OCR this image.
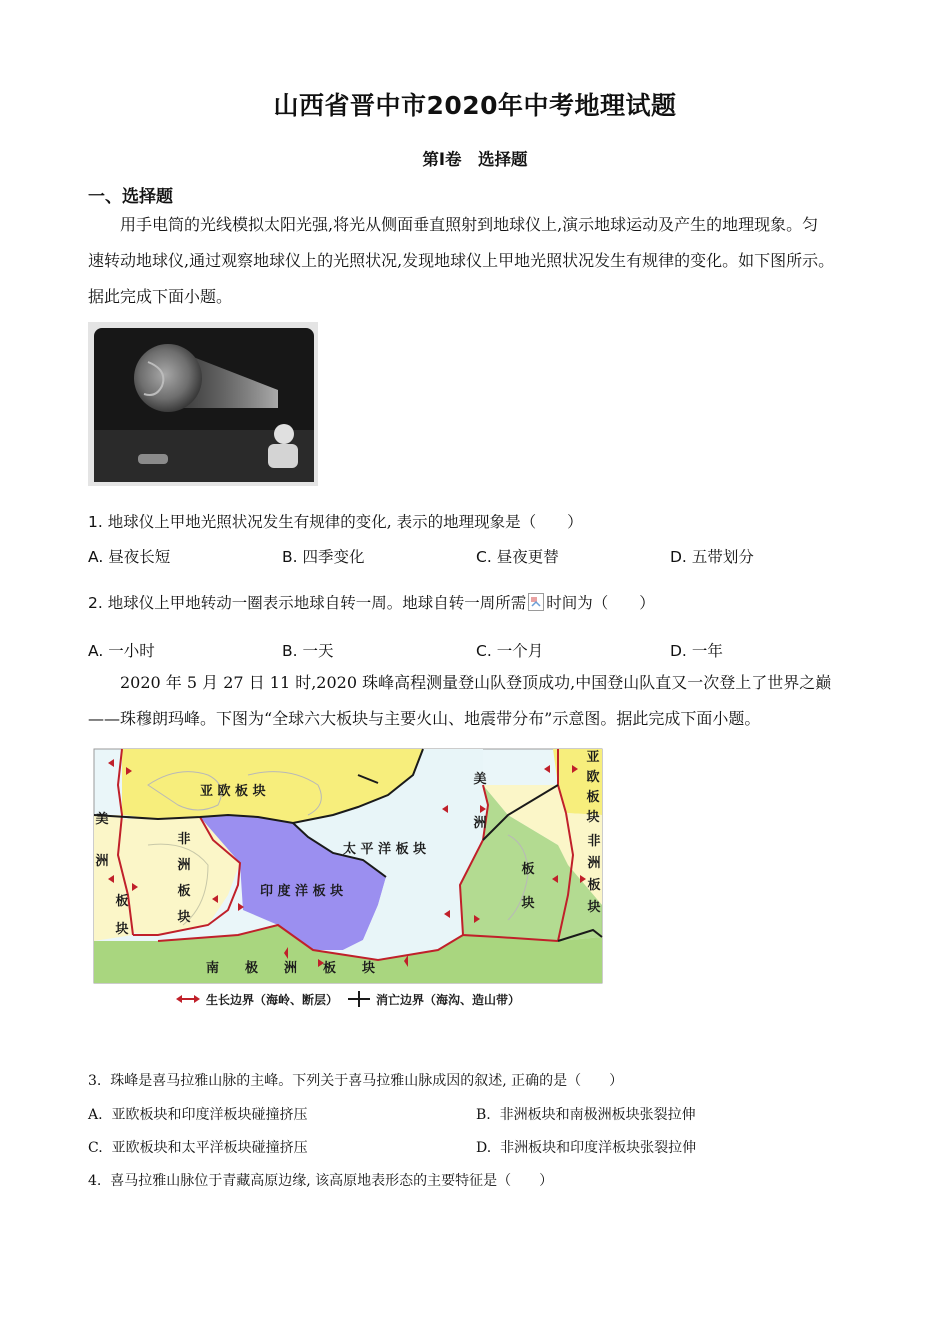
山西省晋中市2020年中考地理试题
第Ⅰ卷　选择题
一、选择题
用手电筒的光线模拟太阳光强,将光从侧面垂直照射到地球仪上,演示地球运动及产生的地理现象。匀
速转动地球仪,通过观察地球仪上的光照状况,发现地球仪上甲地光照状况发生有规律的变化。如下图所示。
据此完成下面小题。
1. 地球仪上甲地光照状况发生有规律的变化, 表示的地理现象是（　　）
A. 昼夜长短	B. 四季变化	C. 昼夜更替	D. 五带划分
2. 地球仪上甲地转动一圈表示地球自转一周。地球自转一周所需 时间为（　　）
A. 一小时	B. 一天	C. 一个月	D. 一年
2020 年 5 月 27 日 11 时,2020 珠峰高程测量登山队登顶成功,中国登山队直又一次登上了世界之巅
——珠穆朗玛峰。下图为“全球六大板块与主要火山、地震带分布”示意图。据此完成下面小题。
亚 欧 板 块
太 平 洋 板 块
印 度 洋 板 块
南　　极　　洲　　板　　块
非
洲
板
块
美
洲
板
块
美
洲
板
块
非
洲
板
块
亚
欧
板
块
生长边界（海岭、断层）	消亡边界（海沟、造山带）
3. 珠峰是喜马拉雅山脉的主峰。下列关于喜马拉雅山脉成因的叙述, 正确的是（　　）
A. 亚欧板块和印度洋板块碰撞挤压	B. 非洲板块和南极洲板块张裂拉伸
C. 亚欧板块和太平洋板块碰撞挤压	D. 非洲板块和印度洋板块张裂拉伸
4. 喜马拉雅山脉位于青藏高原边缘, 该高原地表形态的主要特征是（　　）
